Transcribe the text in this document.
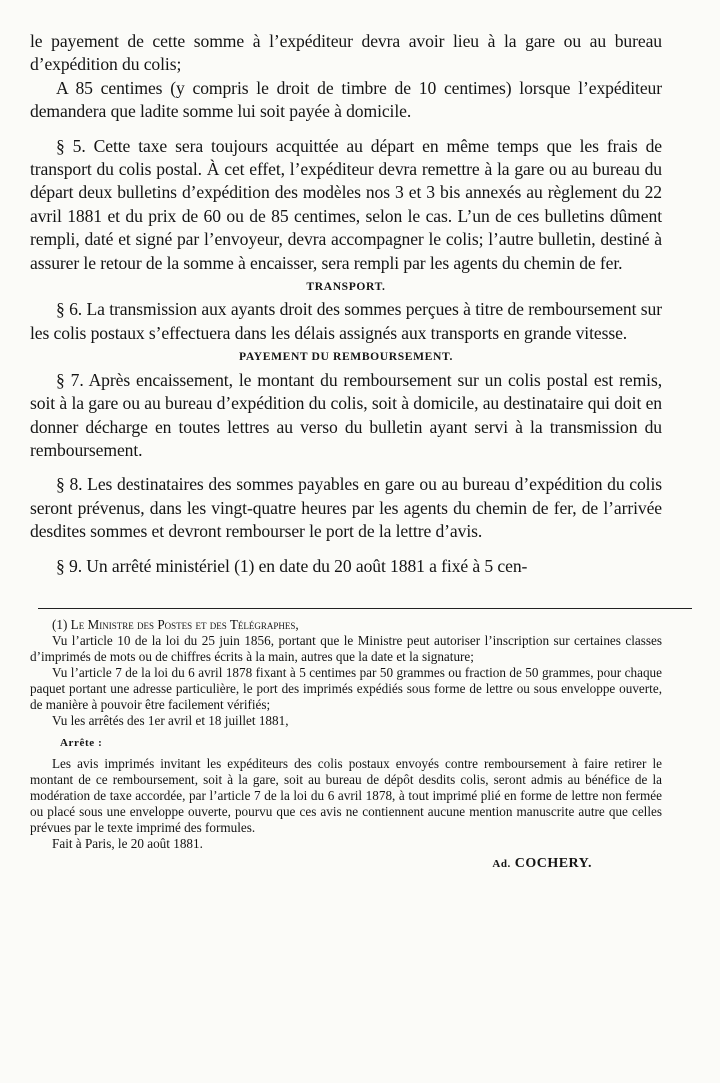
le payement de cette somme à l’expéditeur devra avoir lieu à la gare ou au bureau d’expédition du colis;

A 85 centimes (y compris le droit de timbre de 10 centimes) lorsque l’expéditeur demandera que ladite somme lui soit payée à domicile.

§ 5. Cette taxe sera toujours acquittée au départ en même temps que les frais de transport du colis postal. À cet effet, l’expéditeur devra remettre à la gare ou au bureau du départ deux bulletins d’expédition des modèles nos 3 et 3 bis annexés au règlement du 22 avril 1881 et du prix de 60 ou de 85 centimes, selon le cas. L’un de ces bulletins dûment rempli, daté et signé par l’envoyeur, devra accompagner le colis; l’autre bulletin, destiné à assurer le retour de la somme à encaisser, sera rempli par les agents du chemin de fer.

TRANSPORT.

§ 6. La transmission aux ayants droit des sommes perçues à titre de remboursement sur les colis postaux s’effectuera dans les délais assignés aux transports en grande vitesse.

PAYEMENT DU REMBOURSEMENT.

§ 7. Après encaissement, le montant du remboursement sur un colis postal est remis, soit à la gare ou au bureau d’expédition du colis, soit à domicile, au destinataire qui doit en donner décharge en toutes lettres au verso du bulletin ayant servi à la transmission du remboursement.

§ 8. Les destinataires des sommes payables en gare ou au bureau d’expédition du colis seront prévenus, dans les vingt-quatre heures par les agents du chemin de fer, de l’arrivée desdites sommes et devront rembourser le port de la lettre d’avis.

§ 9. Un arrêté ministériel (1) en date du 20 août 1881 a fixé à 5 cen-

(1) Le Ministre des Postes et des Télégraphes,

Vu l’article 10 de la loi du 25 juin 1856, portant que le Ministre peut autoriser l’inscription sur certaines classes d’imprimés de mots ou de chiffres écrits à la main, autres que la date et la signature;

Vu l’article 7 de la loi du 6 avril 1878 fixant à 5 centimes par 50 grammes ou fraction de 50 grammes, pour chaque paquet portant une adresse particulière, le port des imprimés expédiés sous forme de lettre ou sous enveloppe ouverte, de manière à pouvoir être facilement vérifiés;

Vu les arrêtés des 1er avril et 18 juillet 1881,

Arrête :

Les avis imprimés invitant les expéditeurs des colis postaux envoyés contre remboursement à faire retirer le montant de ce remboursement, soit à la gare, soit au bureau de dépôt desdits colis, seront admis au bénéfice de la modération de taxe accordée, par l’article 7 de la loi du 6 avril 1878, à tout imprimé plié en forme de lettre non fermée ou placé sous une enveloppe ouverte, pourvu que ces avis ne contiennent aucune mention manuscrite autre que celles prévues par le texte imprimé des formules.

Fait à Paris, le 20 août 1881.

Ad. COCHERY.
